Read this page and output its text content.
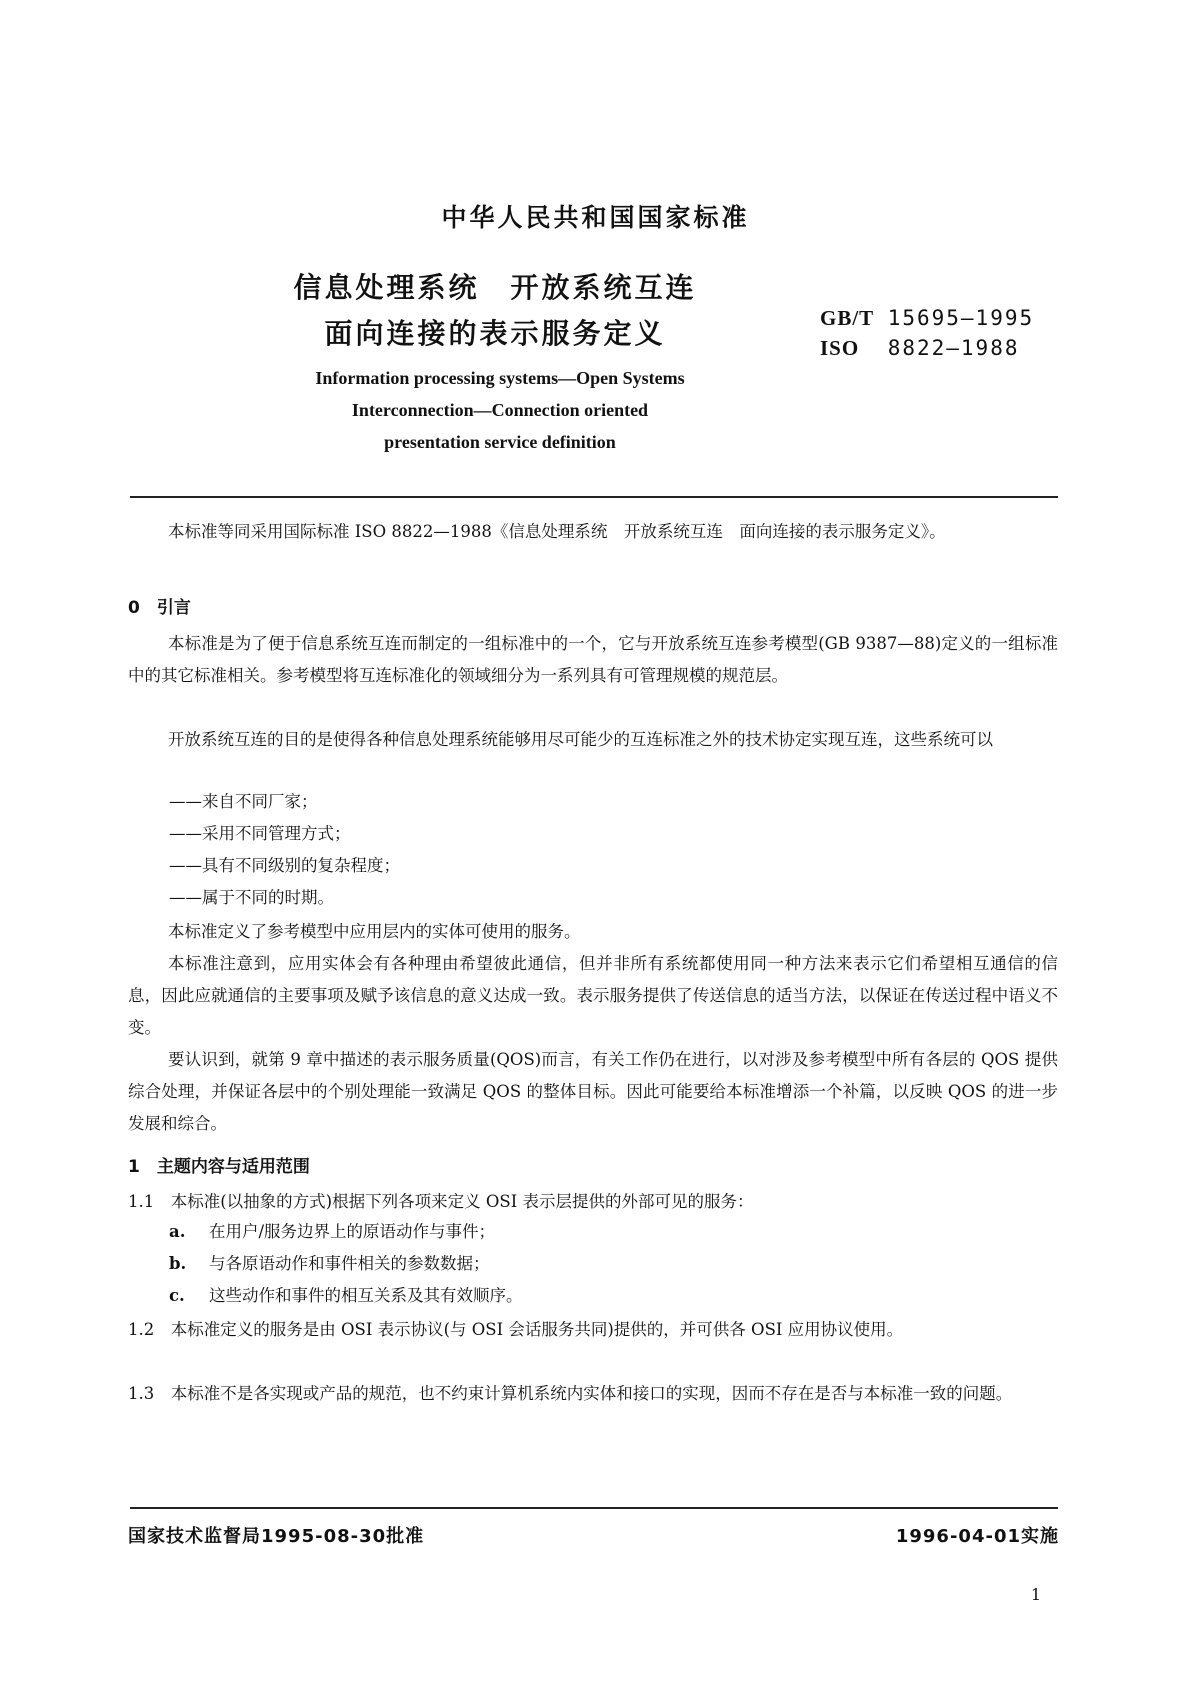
中华人民共和国国家标准
信息处理系统　开放系统互连
面向连接的表示服务定义	GB/T 15695—1995
ISO 8822—1988
Information processing systems—Open Systems
Interconnection—Connection oriented
presentation service definition
本标准等同采用国际标准 ISO 8822—1988《信息处理系统　开放系统互连　面向连接的表示服务定义》。
0　引言
本标准是为了便于信息系统互连而制定的一组标准中的一个，它与开放系统互连参考模型(GB 9387—88)定义的一组标准中的其它标准相关。参考模型将互连标准化的领域细分为一系列具有可管理规模的规范层。
开放系统互连的目的是使得各种信息处理系统能够用尽可能少的互连标准之外的技术协定实现互连，这些系统可以
——来自不同厂家；
——采用不同管理方式；
——具有不同级别的复杂程度；
——属于不同的时期。
本标准定义了参考模型中应用层内的实体可使用的服务。
本标准注意到，应用实体会有各种理由希望彼此通信，但并非所有系统都使用同一种方法来表示它们希望相互通信的信息，因此应就通信的主要事项及赋予该信息的意义达成一致。表示服务提供了传送信息的适当方法，以保证在传送过程中语义不变。
要认识到，就第 9 章中描述的表示服务质量(QOS)而言，有关工作仍在进行，以对涉及参考模型中所有各层的 QOS 提供综合处理，并保证各层中的个别处理能一致满足 QOS 的整体目标。因此可能要给本标准增添一个补篇，以反映 QOS 的进一步发展和综合。
1　主题内容与适用范围
1.1　本标准(以抽象的方式)根据下列各项来定义 OSI 表示层提供的外部可见的服务：
a. 在用户/服务边界上的原语动作与事件；
b. 与各原语动作和事件相关的参数数据；
c. 这些动作和事件的相互关系及其有效顺序。
1.2　本标准定义的服务是由 OSI 表示协议(与 OSI 会话服务共同)提供的，并可供各 OSI 应用协议使用。
1.3　本标准不是各实现或产品的规范，也不约束计算机系统内实体和接口的实现，因而不存在是否与本标准一致的问题。
国家技术监督局1995-08-30批准	1996-04-01实施
1
